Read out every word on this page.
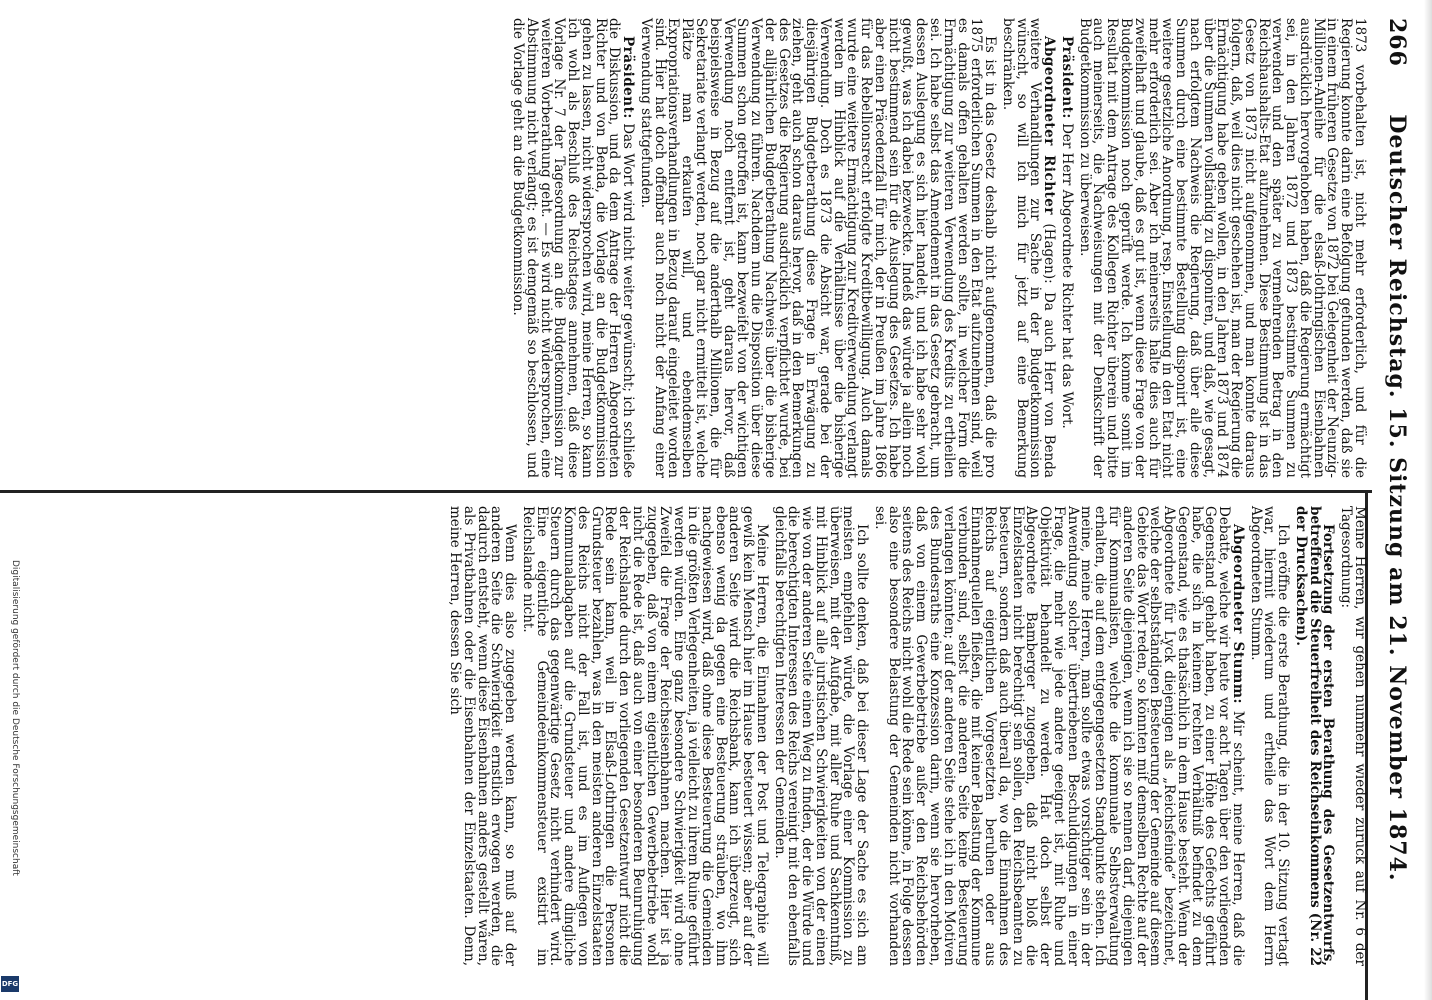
266
Deutscher Reichstag. 15. Sitzung am 21. November 1874.

1873 vorbehalten ist, nicht mehr erforderlich, und für die Regierung konnte darin eine Befolgung gefunden werden, daß sie in einem früheren Gesetze von 1872 bei Gelegenheit der Neunzig-Millionen-Anleihe für die elsaß-lothringischen Eisenbahnen ausdrücklich hervorgehoben haben, daß die Regierung ermächtigt sei, in den Jahren 1872 und 1873 bestimmte Summen zu verwenden und den später zu vermehrenden Betrag in den Reichshaushalts-Etat aufzunehmen. Diese Bestimmung ist in das Gesetz von 1873 nicht aufgenommen, und man konnte daraus folgern, daß, weil dies nicht geschehen ist, man der Regierung die Ermächtigung habe geben wollen, in den Jahren 1873 und 1874 über die Summen vollständig zu disponiren, und daß, wie gesagt, nach erfolgtem Nachweis die Regierung, daß über alle diese Summen durch eine bestimmte Bestellung disponirt ist, eine weitere gesetzliche Anordnung, resp. Einstellung in den Etat nicht mehr erforderlich sei. Aber ich meinerseits halte dies auch für zweifelhaft und glaube, daß es gut ist, wenn diese Frage von der Budgetkommission noch geprüft werde. Ich komme somit im Resultat mit dem Antrage des Kollegen Richter überein und bitte auch meinerseits, die Nachweisungen mit der Denkschrift der Budgetkommission zu überweisen.

Präsident: Der Herr Abgeordnete Richter hat das Wort.

Abgeordneter Richter (Hagen): Da auch Herr von Benda weitere Verhandlungen zur Sache in der Budgetkommission wünscht, so will ich mich für jetzt auf eine Bemerkung beschränken.

Es ist in das Gesetz deshalb nicht aufgenommen, daß die pro 1875 erforderlichen Summen in den Etat aufzunehmen sind, weil es damals offen gehalten werden sollte, in welcher Form die Ermächtigung zur weiteren Verwendung des Kredits zu ertheilen sei. Ich habe selbst das Amendement in das Gesetz gebracht, um dessen Auslegung es sich hier handelt, und ich habe sehr wohl gewußt, was ich dabei bezweckte. Indeß das würde ja allein noch nicht bestimmend sein für die Auslegung des Gesetzes. Ich habe aber einen Präcedenzfall für mich, der in Preußen im Jahre 1866 für das Rebellionsrecht erfolgte Kreditbewilligung. Auch damals wurde eine weitere Ermächtigung zur Kreditverwendung verlangt werden im Hinblick auf die Verhältnisse über die bisherige Verwendung. Doch es 1873 die Absicht war, gerade bei der diesjährigen Budgetberathung diese Frage in Erwägung zu ziehen, geht auch schon daraus hervor, daß in den Bemerkungen des Gesetzes die Regierung ausdrücklich verpflichtet wurde, bei der alljährlichen Budgetberathung Nachweis über die bisherige Verwendung zu führen. Nachdem nun die Disposition über diese Summen schon getroffen ist, kann bezweifelt von der wichtigen Verwendung noch entfernt ist, geht daraus hervor, daß beispielsweise in Bezug auf die anderthalb Millionen, die für Sekretariate verlangt werden, noch gar nicht ermittelt ist, welche Plätze man erkaufen will, und ebendemselben Expropriationsverhandlungen in Bezug darauf eingeleitet worden sind. Hier hat doch offenbar auch noch nicht der Anfang einer Verwendung stattgefunden.

Präsident: Das Wort wird nicht weiter gewünscht; ich schließe die Diskussion, und da dem Antrage der Herren Abgeordneten Richter und von Benda, die Vorlage an die Budgetkommission gehen zu lassen, nicht widersprochen wird, meine Herren, so kann ich wohl als Beschluß des Reichstages annehmen, daß diese Vorlage Nr. 7 der Tagesordnung an die Budgetkommission zur weiteren Vorberathung geht. — Es wird nicht widersprochen, eine Abstimmung nicht verlangt; es ist demgemäß so beschlossen, und die Vorlage geht an die Budgetkommission.

Meine Herren, wir gehen nunmehr wieder zurück auf Nr. 6 der Tagesordnung:

Fortsetzung der ersten Berathung des Gesetzentwurfs, betreffend die Steuerfreiheit des Reichseinkommens (Nr. 22 der Drucksachen).

Ich eröffne die erste Berathung, die in der 10. Sitzung vertagt war, hiermit wiederum und ertheile das Wort dem Herrn Abgeordneten Stumm.

Abgeordneter Stumm: Mir scheint, meine Herren, daß die Debatte, welche wir heute vor acht Tagen über den vorliegenden Gegenstand gehabt haben, zu einer Höhe des Gefechts geführt habe, die sich in keinem rechten Verhältniß befindet zu dem Gegenstand, wie es thatsächlich in dem Hause besteht. Wenn der Abgeordnete für Lyck diejenigen als „Reichsfeinde“ bezeichnet, welche der selbstständigen Besteuerung der Gemeinde auf diesem Gebiete das Wort reden, so könnten mit demselben Rechte auf der anderen Seite diejenigen, wenn ich sie so nennen darf, diejenigen für Kommunalisten, welche die kommunale Selbstverwaltung erhalten, die auf dem entgegengesetzten Standpunkte stehen. Ich meine, meine Herren, man sollte etwas vorsichtiger sein in der Anwendung solcher übertriebenen Beschuldigungen in einer Frage, die mehr wie jede andere geeignet ist, mit Ruhe und Objektivität behandelt zu werden. Hat doch selbst der Abgeordnete Bamberger zugegeben, daß nicht bloß die Einzelstaaten nicht berechtigt sein sollen, den Reichsbeamten zu besteuern, sondern daß auch überall da, wo die Einnahmen des Reichs auf eigentlichen Vorgesetzten beruhen oder aus Einnahmequellen fließen, die mit keiner Belastung der Kommune verbunden sind, selbst die anderen Seite keine Besteuerung verlangen könnten; auf der anderen Seite stehe ich in den Motiven des Bundesraths eine Konzession darin, wenn sie hervorheben, daß von einem Gewerbebetriebe außer den Reichsbehörden seitens des Reichs nicht wohl die Rede sein könne, in Folge dessen also eine besondere Belastung der Gemeinden nicht vorhanden sei.

Ich sollte denken, daß bei dieser Lage der Sache es sich am meisten empfehlen würde, die Vorlage einer Kommission zu überweisen, mit der Aufgabe, mit aller Ruhe und Sachkenntniß, mit Hinblick auf alle juristischen Schwierigkeiten von der einen wie von der anderen Seite einen Weg zu finden, der die Würde und die berechtigten Interessen des Reichs vereinigt mit den ebenfalls gleichfalls berechtigten Interessen der Gemeinden.

Meine Herren, die Einnahmen der Post und Telegraphie will gewiß kein Mensch hier im Hause besteuert wissen; aber auf der anderen Seite wird die Reichsbank, kann ich überzeugt, sich ebenso wenig da gegen eine Besteuerung sträuben, wo ihm nachgewiesen wird, daß ohne diese Besteuerung die Gemeinden in die größten Verlegenheiten, ja vielleicht zu ihrem Ruine geführt werden würden. Eine ganz besondere Schwierigkeit wird ohne Zweifel die Frage der Reichseisenbahnen machen. Hier ist ja zugegeben, daß von einem eigentlichen Gewerbebetriebe wohl nicht die Rede ist, daß auch von einer besonderen Beunruhigung der Reichslande durch den vorliegenden Gesetzentwurf nicht die Rede sein kann, weil in Elsaß-Lothringen die Personen Grundsteuer bezahlen, was in den meisten anderen Einzelstaaten des Reichs nicht der Fall ist, und es im Auflegen von Kommunalabgaben auf die Grundsteuer und andere dingliche Steuern durch das gegenwärtige Gesetz nicht verhindert wird. Eine eigentliche Gemeindeeinkommensteuer existirt im Reichslande nicht.

Wenn dies also zugegeben werden kann, so muß auf der anderen Seite die Schwierigkeit ernstlich erwogen werden, die dadurch entsteht, wenn diese Eisenbahnen anders gestellt wären, als Privatbahnen oder die Eisenbahnen der Einzelstaaten. Denn, meine Herren, dessen Sie sich

Digitalisierung gefördert durch die Deutsche Forschungsgemeinschaft
DFG
